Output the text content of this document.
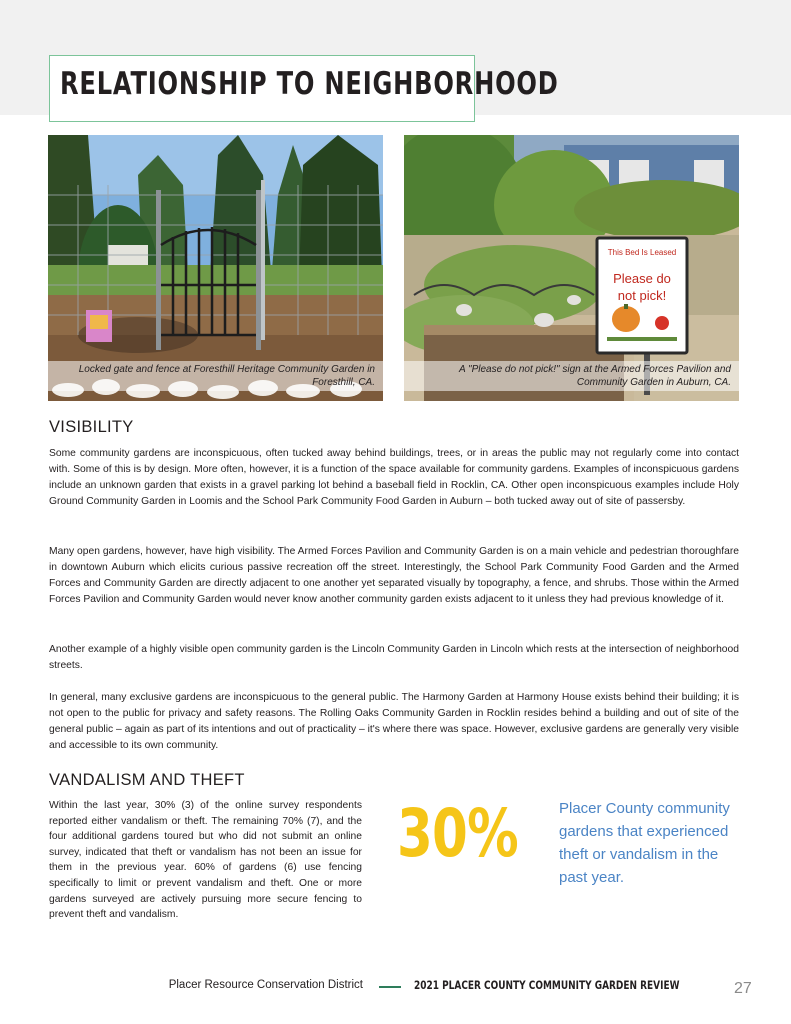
RELATIONSHIP TO NEIGHBORHOOD
Locked gate and fence at Foresthill Heritage Community Garden in
Foresthill, CA.
This Bed Is Leased
Please do
not pick!
A "Please do not pick!" sign at the Armed Forces Pavilion and
Community Garden in Auburn, CA.
VISIBILITY

Some community gardens are inconspicuous, often tucked away behind buildings, trees, or in areas the public may not regularly come into contact with. Some of this is by design. More often, however, it is a function of the space available for community gardens. Examples of inconspicuous gardens include an unknown garden that exists in a gravel parking lot behind a baseball field in Rocklin, CA. Other open inconspicuous examples include Holy Ground Community Garden in Loomis and the School Park Community Food Garden in Auburn – both tucked away out of site of passersby.

Many open gardens, however, have high visibility. The Armed Forces Pavilion and Community Garden is on a main vehicle and pedestrian thoroughfare in downtown Auburn which elicits curious passive recreation off the street. Interestingly, the School Park Community Food Garden and the Armed Forces and Community Garden are directly adjacent to one another yet separated visually by topography, a fence, and shrubs. Those within the Armed Forces Pavilion and Community Garden would never know another community garden exists adjacent to it unless they had previous knowledge of it.

Another example of a highly visible open community garden is the Lincoln Community Garden in Lincoln which rests at the intersection of neighborhood streets.

In general, many exclusive gardens are inconspicuous to the general public. The Harmony Garden at Harmony House exists behind their building; it is not open to the public for privacy and safety reasons. The Rolling Oaks Community Garden in Rocklin resides behind a building and out of site of the general public – again as part of its intentions and out of practicality – it's where there was space. However, exclusive gardens are generally very visible and accessible to its own community.

VANDALISM AND THEFT

Within the last year, 30% (3) of the online survey respondents reported either vandalism or theft. The remaining 70% (7), and the four additional gardens toured but who did not submit an online survey, indicated that theft or vandalism has not been an issue for them in the previous year. 60% of gardens (6) use fencing specifically to limit or prevent vandalism and theft. One or more gardens surveyed are actively pursuing more secure fencing to prevent theft and vandalism.

30%	Placer County community gardens that experienced theft or vandalism in the past year.
Placer Resource Conservation District	2021 PLACER COUNTY COMMUNITY GARDEN REVIEW	27
